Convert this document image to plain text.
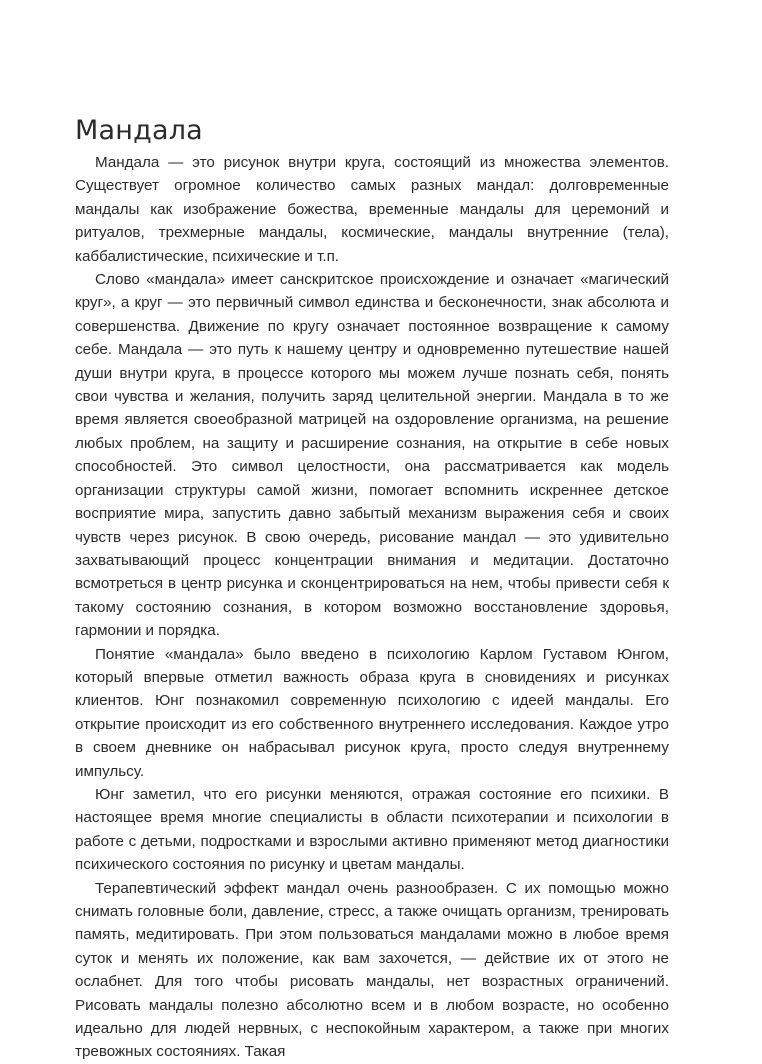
Мандала

Мандала — это рисунок внутри круга, состоящий из множества элементов. Существует огромное количество самых разных мандал: долговременные мандалы как изображение божества, временные мандалы для церемоний и ритуалов, трехмерные мандалы, космические, мандалы внутренние (тела), каббалистические, психические и т.п.

Слово «мандала» имеет санскритское происхождение и означает «магический круг», а круг — это первичный символ единства и бесконечности, знак абсолюта и совершенства. Движение по кругу означает постоянное возвращение к самому себе. Мандала — это путь к нашему центру и одновременно путешествие нашей души внутри круга, в процессе которого мы можем лучше познать себя, понять свои чувства и желания, получить заряд целительной энергии. Мандала в то же время является своеобразной матрицей на оздоровление организма, на решение любых проблем, на защиту и расширение сознания, на открытие в себе новых способностей. Это символ целостности, она рассматривается как модель организации структуры самой жизни, помогает вспомнить искреннее детское восприятие мира, запустить давно забытый механизм выражения себя и своих чувств через рисунок. В свою очередь, рисование мандал — это удивительно захватывающий процесс концентрации внимания и медитации. Достаточно всмотреться в центр рисунка и сконцентрироваться на нем, чтобы привести себя к такому состоянию сознания, в котором возможно восстановление здоровья, гармонии и порядка.

Понятие «мандала» было введено в психологию Карлом Густавом Юнгом, который впервые отметил важность образа круга в сновидениях и рисунках клиентов. Юнг познакомил современную психологию с идеей мандалы. Его открытие происходит из его собственного внутреннего исследования. Каждое утро в своем дневнике он набрасывал рисунок круга, просто следуя внутреннему импульсу.

Юнг заметил, что его рисунки меняются, отражая состояние его психики. В настоящее время многие специалисты в области психотерапии и психологии в работе с детьми, подростками и взрослыми активно применяют метод диагностики психического состояния по рисунку и цветам мандалы.

Терапевтический эффект мандал очень разнообразен. С их помощью можно снимать головные боли, давление, стресс, а также очищать организм, тренировать память, медитировать. При этом пользоваться мандалами можно в любое время суток и менять их положение, как вам захочется, — действие их от этого не ослабнет. Для того чтобы рисовать мандалы, нет возрастных ограничений. Рисовать мандалы полезно абсолютно всем и в любом возрасте, но особенно идеально для людей нервных, с неспокойным характером, а также при многих тревожных состояниях. Такая
